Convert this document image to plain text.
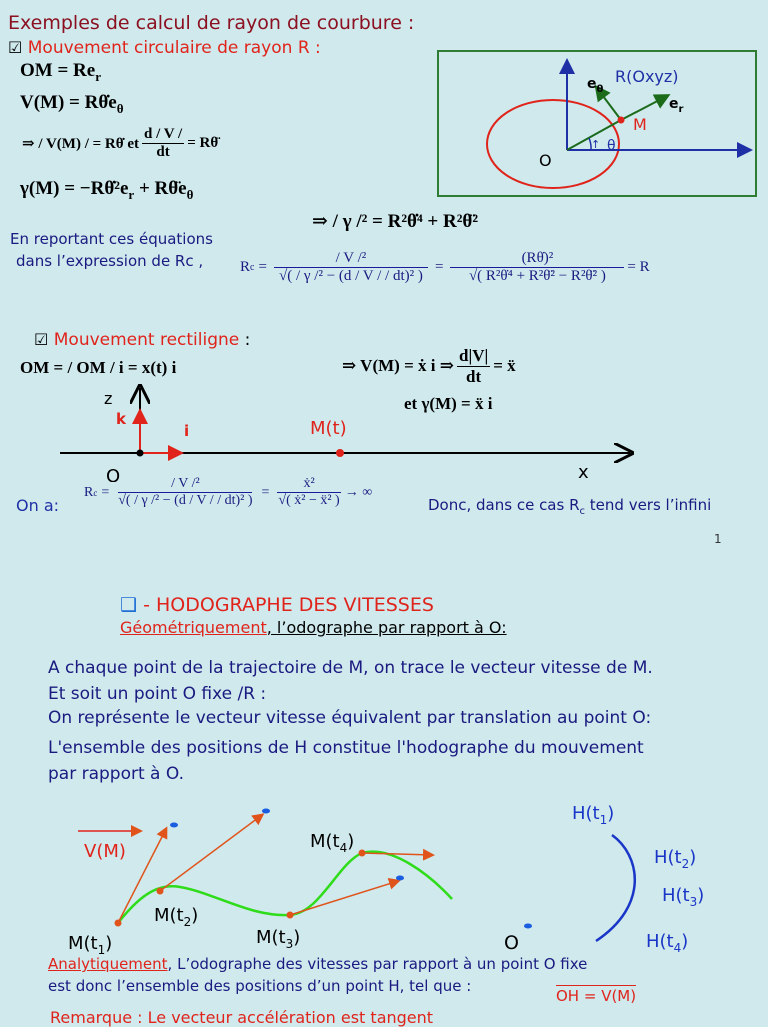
Exemples de calcul de rayon de courbure :
☑ Mouvement circulaire de rayon R :
OM = $Re_r$
$V(M) = R\thetȧe_\theta$
⇒ / V(M) / = Rθ̇ et $\frac{d / V /}{dt}$ = Rθ̈
$\gamma(M) = -R\thetȧ^2e_r$ + $R\thetäe_\theta$
⇒ / γ /² = R²θ̇⁴ + R²θ̈²
$e_\theta$
R(Oxyz)
$e_r$
M
O
θ
↑
En reportant ces équations
dans l’expression de Rc , R $c = \frac{\text{/ V /²}}{\text{√( / γ /² − (d / V / / dt)² )}} = \frac{\text{(Rθ̇)²}}{\text{√( R²θ̇⁴ + R²θ̈² − R²θ̈² )}} = R$
☑ Mouvement rectiligne :
OM = / OM / i = x(t) i	⇒ V(M) = ẋ i ⇒ $\frac{d|V|}{dt}$ = ẍ
et γ(M) = ẍ i
z
k
i	M(t)
O	x
On a:
R $c = \frac{\text{/ V /²}}{\text{√( / γ /² − (d / V / / dt)² )}} = \frac{\text{ẋ²}}{\text{√( ẋ² − ẍ² )}}$ → ∞
Donc, dans ce cas $R_c$ tend vers l’infini
1
❑ - HODOGRAPHE DES VITESSES
Géométriquement, l’odographe par rapport à O:
A chaque point de la trajectoire de M, on trace le vecteur vitesse de M.
Et soit un point O fixe /R :
On représente le vecteur vitesse équivalent par translation au point O:
L'ensemble des positions de H constitue l'hodographe du mouvement
par rapport à O.
V(M)
$M(t_1)$
$M(t_2)$
$M(t_3)$
$M(t_4)$
$H(t_1)$
$H(t_2)$
$H(t_3)$
$H(t_4)$
O
Analytiquement, L’odographe des vitesses par rapport à un point O fixe
est donc l’ensemble des positions d’un point H, tel que :
OH = V(M)
Remarque : Le vecteur accélération est tangent
